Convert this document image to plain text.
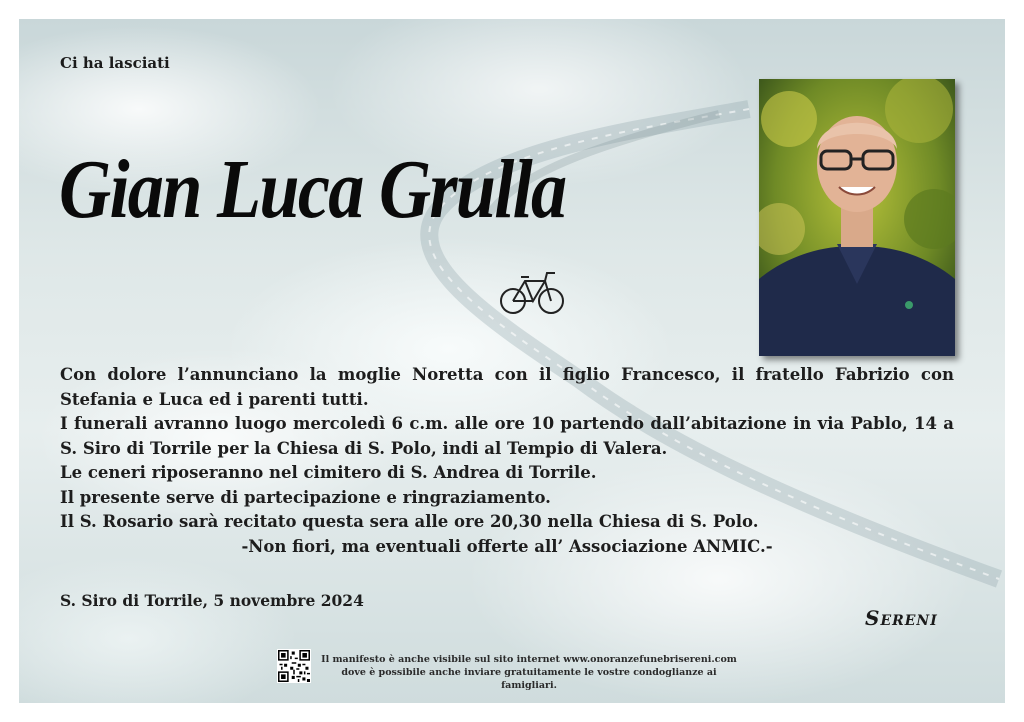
Ci ha lasciati
Gian Luca Grulla

Con dolore l’annunciano la moglie Noretta con il figlio Francesco, il fratello Fabrizio con Stefania e Luca ed i parenti tutti.

I funerali avranno luogo mercoledì 6 c.m. alle ore 10 partendo dall’abitazione in via Pablo, 14 a S. Siro di Torrile per la Chiesa di S. Polo, indi al Tempio di Valera.

Le ceneri riposeranno nel cimitero di S. Andrea di Torrile.

Il presente serve di partecipazione e ringraziamento.

Il S. Rosario sarà recitato questa sera alle ore 20,30 nella Chiesa di S. Polo.

-Non fiori, ma eventuali offerte all’ Associazione ANMIC.-

S. Siro di Torrile, 5 novembre 2024
Sereni
Il manifesto è anche visibile sul sito internet www.onoranzefunebrisereni.com
dove è possibile anche inviare gratuitamente le vostre condoglianze ai famigliari.
